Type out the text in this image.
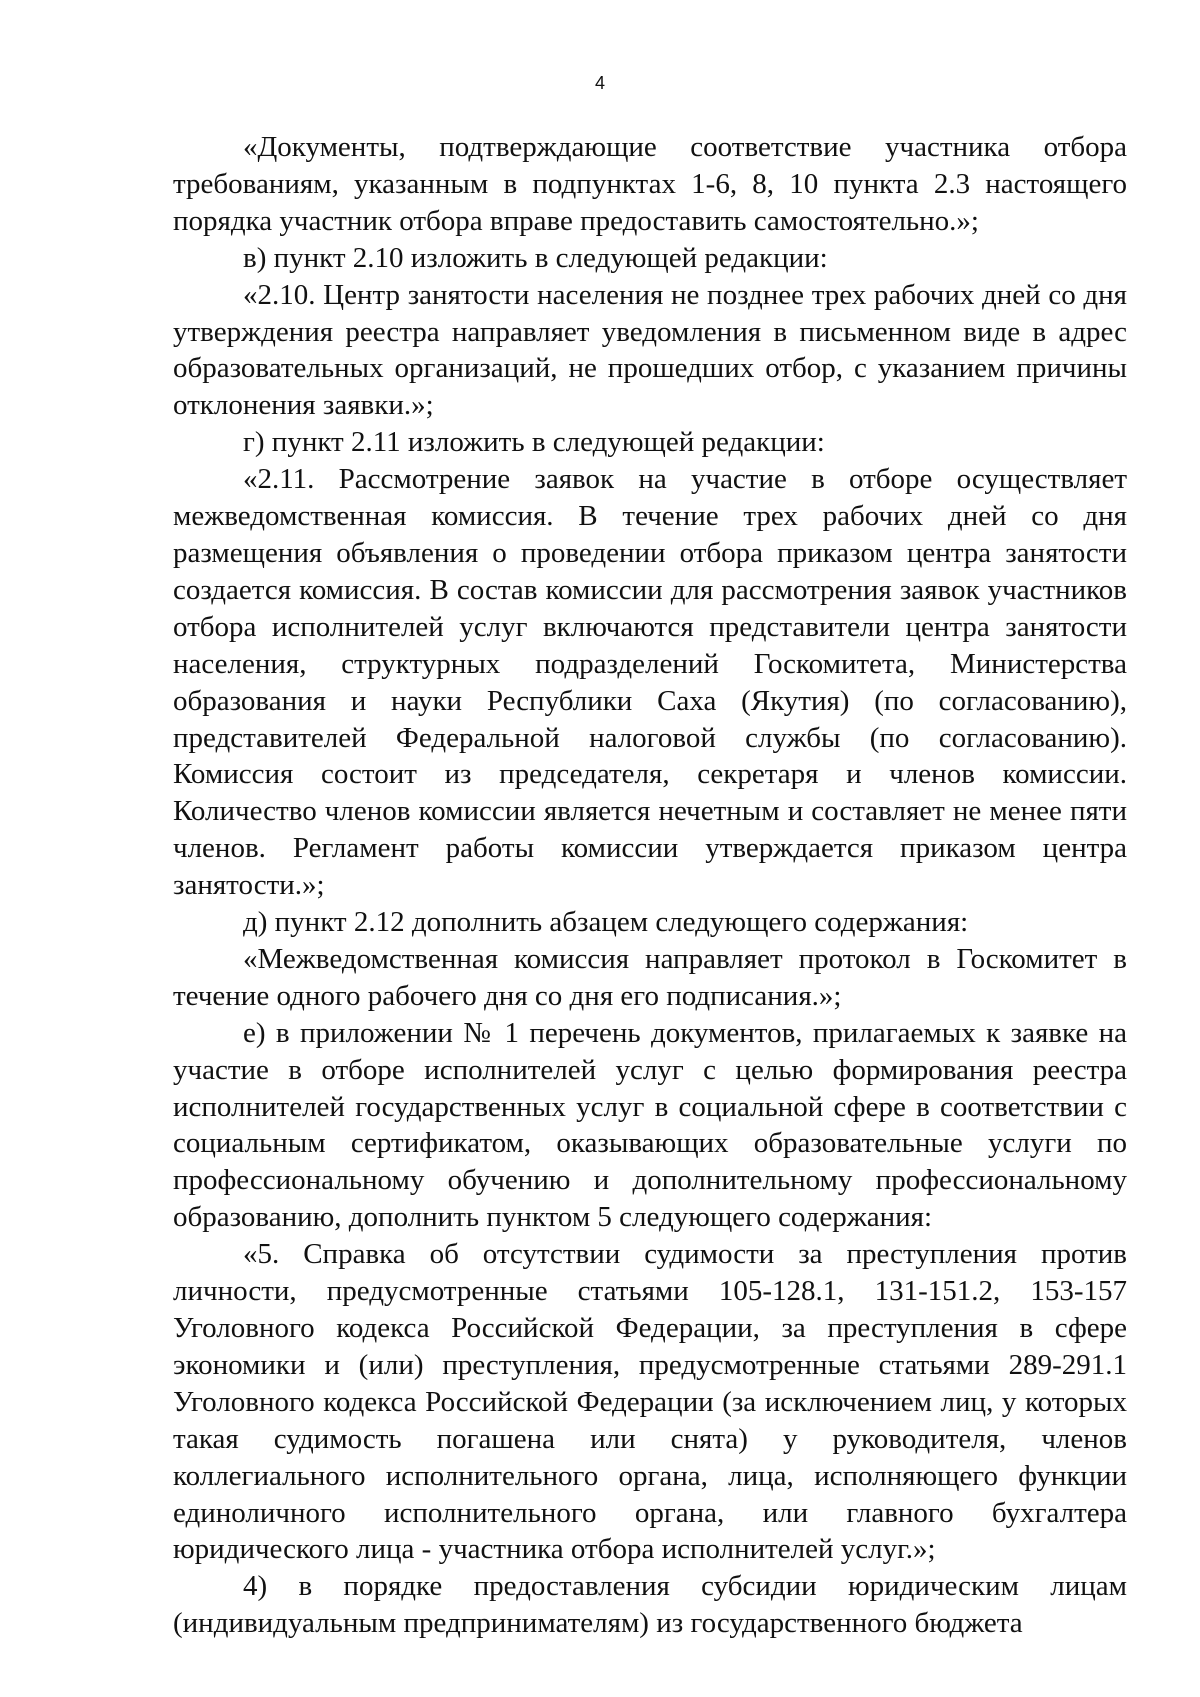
4

«Документы, подтверждающие соответствие участника отбора требованиям, указанным в подпунктах 1-6, 8, 10 пункта 2.3 настоящего порядка участник отбора вправе предоставить самостоятельно.»;

в) пункт 2.10 изложить в следующей редакции:

«2.10. Центр занятости населения не позднее трех рабочих дней со дня утверждения реестра направляет уведомления в письменном виде в адрес образовательных организаций, не прошедших отбор, с указанием причины отклонения заявки.»;

г) пункт 2.11 изложить в следующей редакции:

«2.11. Рассмотрение заявок на участие в отборе осуществляет межведомственная комиссия. В течение трех рабочих дней со дня размещения объявления о проведении отбора приказом центра занятости создается комиссия. В состав комиссии для рассмотрения заявок участников отбора исполнителей услуг включаются представители центра занятости населения, структурных подразделений Госкомитета, Министерства образования и науки Республики Саха (Якутия) (по согласованию), представителей Федеральной налоговой службы (по согласованию). Комиссия состоит из председателя, секретаря и членов комиссии. Количество членов комиссии является нечетным и составляет не менее пяти членов. Регламент работы комиссии утверждается приказом центра занятости.»;

д) пункт 2.12 дополнить абзацем следующего содержания:

«Межведомственная комиссия направляет протокол в Госкомитет в течение одного рабочего дня со дня его подписания.»;

е) в приложении № 1 перечень документов, прилагаемых к заявке на участие в отборе исполнителей услуг с целью формирования реестра исполнителей государственных услуг в социальной сфере в соответствии с социальным сертификатом, оказывающих образовательные услуги по профессиональному обучению и дополнительному профессиональному образованию, дополнить пунктом 5 следующего содержания:

«5. Справка об отсутствии судимости за преступления против личности, предусмотренные статьями 105-128.1, 131-151.2, 153-157 Уголовного кодекса Российской Федерации, за преступления в сфере экономики и (или) преступления, предусмотренные статьями 289-291.1 Уголовного кодекса Российской Федерации (за исключением лиц, у которых такая судимость погашена или снята) у руководителя, членов коллегиального исполнительного органа, лица, исполняющего функции единоличного исполнительного органа, или главного бухгалтера юридического лица - участника отбора исполнителей услуг.»;

4) в порядке предоставления субсидии юридическим лицам (индивидуальным предпринимателям) из государственного бюджета
